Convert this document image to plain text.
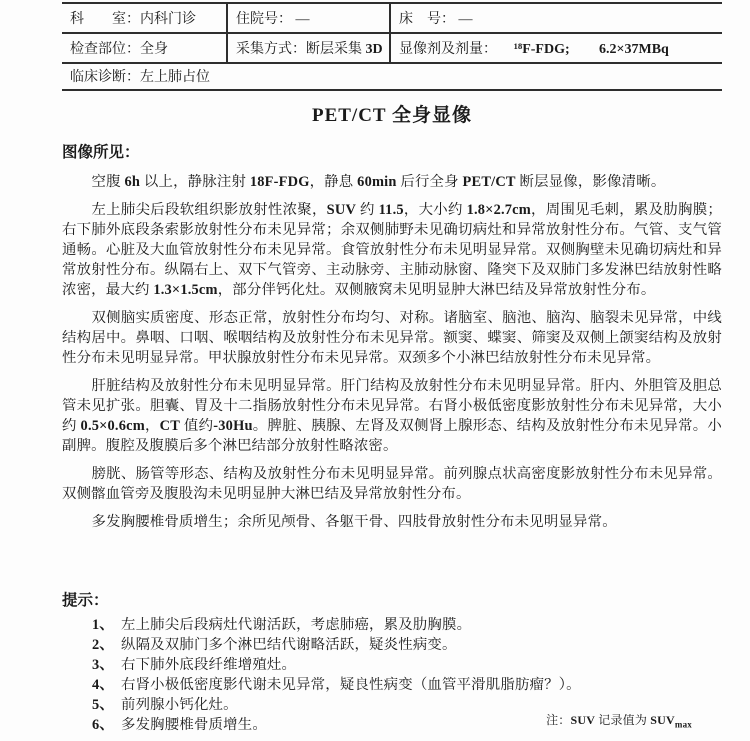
科　　室：内科门诊	住院号： —	床　号： —
检查部位：全身	采集方式：断层采集 3D	显像剂及剂量： ¹⁸F-FDG; 6.2×37MBq
临床诊断：左上肺占位		
PET/CT 全身显像
图像所见：

空腹 6h 以上，静脉注射 18F-FDG，静息 60min 后行全身 PET/CT 断层显像，影像清晰。

左上肺尖后段软组织影放射性浓聚，SUV 约 11.5，大小约 1.8×2.7cm，周围见毛刺，累及肋胸膜；右下肺外底段条索影放射性分布未见异常；余双侧肺野未见确切病灶和异常放射性分布。气管、支气管通畅。心脏及大血管放射性分布未见异常。食管放射性分布未见明显异常。双侧胸壁未见确切病灶和异常放射性分布。纵隔右上、双下气管旁、主动脉旁、主肺动脉窗、隆突下及双肺门多发淋巴结放射性略浓密，最大约 1.3×1.5cm，部分伴钙化灶。双侧腋窝未见明显肿大淋巴结及异常放射性分布。

双侧脑实质密度、形态正常，放射性分布均匀、对称。诸脑室、脑池、脑沟、脑裂未见异常，中线结构居中。鼻咽、口咽、喉咽结构及放射性分布未见异常。额窦、蝶窦、筛窦及双侧上颌窦结构及放射性分布未见明显异常。甲状腺放射性分布未见异常。双颈多个小淋巴结放射性分布未见异常。

肝脏结构及放射性分布未见明显异常。肝门结构及放射性分布未见明显异常。肝内、外胆管及胆总管未见扩张。胆囊、胃及十二指肠放射性分布未见异常。右肾小极低密度影放射性分布未见异常，大小约 0.5×0.6cm，CT 值约-30Hu。脾脏、胰腺、左肾及双侧肾上腺形态、结构及放射性分布未见异常。小副脾。腹腔及腹膜后多个淋巴结部分放射性略浓密。

膀胱、肠管等形态、结构及放射性分布未见明显异常。前列腺点状高密度影放射性分布未见异常。双侧髂血管旁及腹股沟未见明显肿大淋巴结及异常放射性分布。

多发胸腰椎骨质增生；余所见颅骨、各躯干骨、四肢骨放射性分布未见明显异常。

提示：
1、 左上肺尖后段病灶代谢活跃，考虑肺癌，累及肋胸膜。
2、 纵隔及双肺门多个淋巴结代谢略活跃，疑炎性病变。
3、 右下肺外底段纤维增殖灶。
4、 右肾小极低密度影代谢未见异常，疑良性病变（血管平滑肌脂肪瘤？）。
5、 前列腺小钙化灶。
6、 多发胸腰椎骨质增生。	注：SUV 记录值为 $SUV_{max}$
